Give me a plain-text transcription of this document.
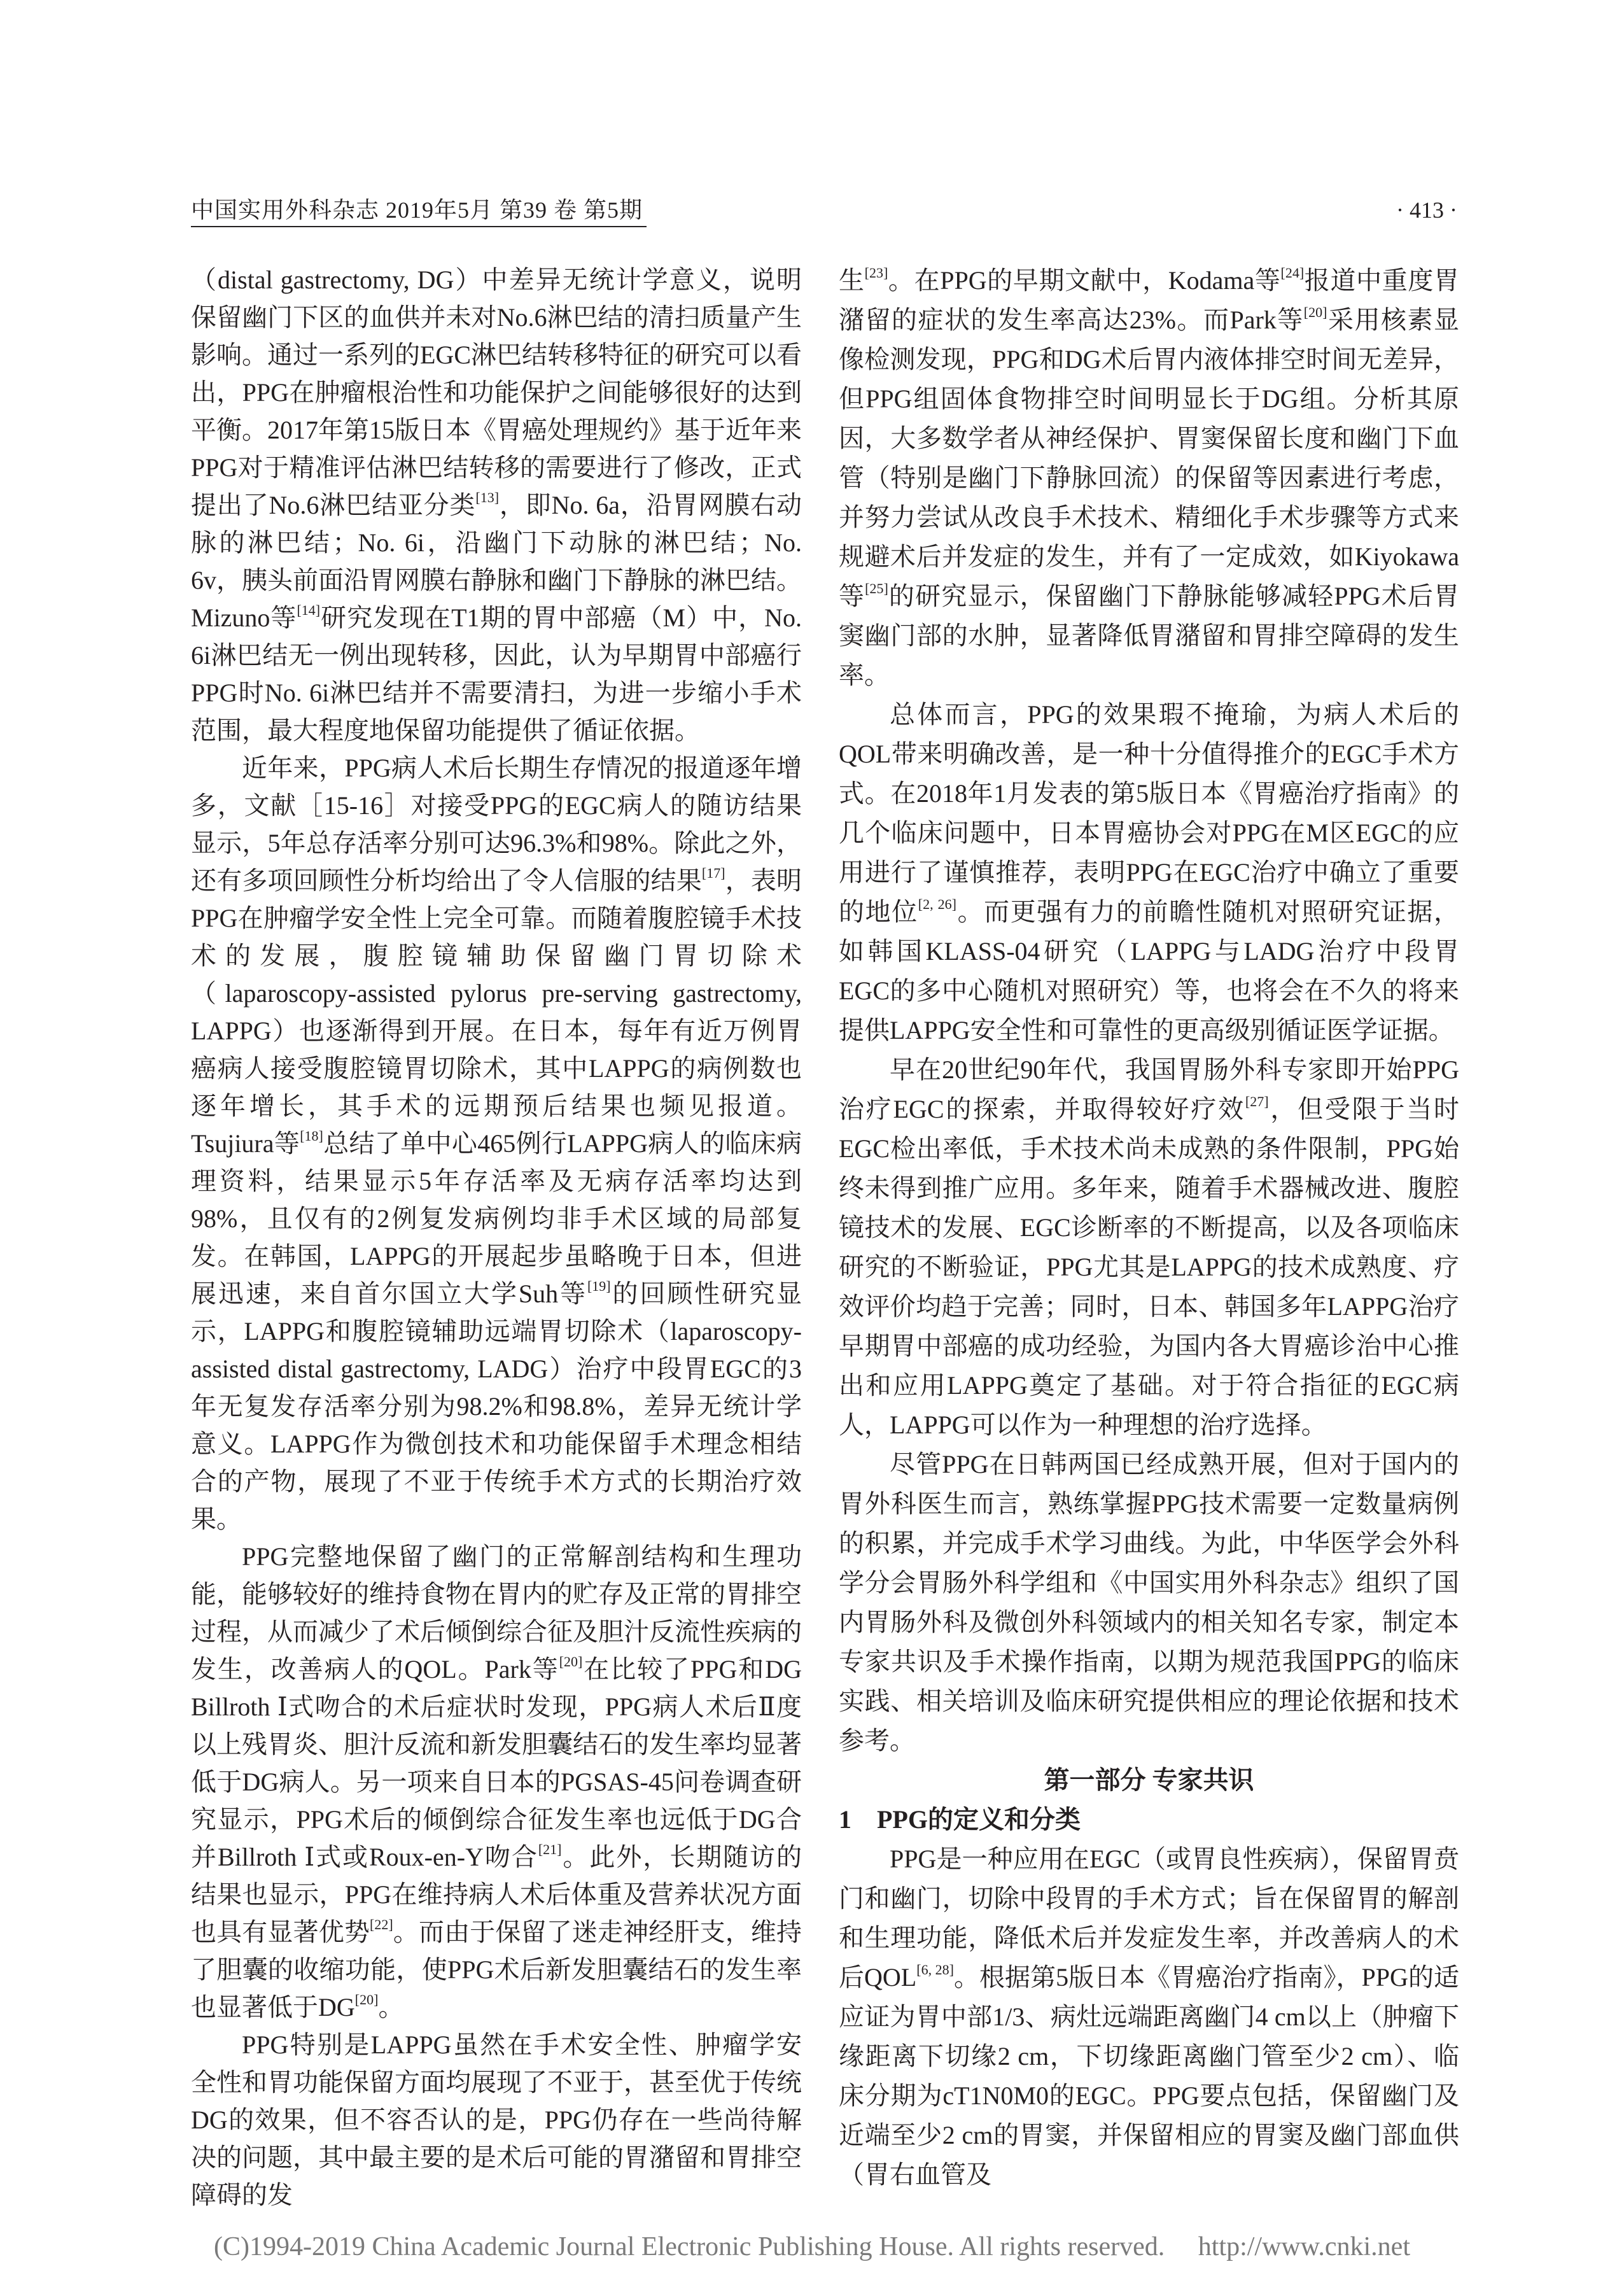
中国实用外科杂志 2019年5月 第39 卷 第5期	· 413 ·

（distal gastrectomy, DG）中差异无统计学意义，说明保留幽门下区的血供并未对No.6淋巴结的清扫质量产生影响。通过一系列的EGC淋巴结转移特征的研究可以看出，PPG在肿瘤根治性和功能保护之间能够很好的达到平衡。2017年第15版日本《胃癌处理规约》基于近年来PPG对于精准评估淋巴结转移的需要进行了修改，正式提出了No.6淋巴结亚分类[13]，即No. 6a，沿胃网膜右动脉的淋巴结；No. 6i，沿幽门下动脉的淋巴结；No. 6v，胰头前面沿胃网膜右静脉和幽门下静脉的淋巴结。Mizuno等[14]研究发现在T1期的胃中部癌（M）中，No. 6i淋巴结无一例出现转移，因此，认为早期胃中部癌行PPG时No. 6i淋巴结并不需要清扫，为进一步缩小手术范围，最大程度地保留功能提供了循证依据。

近年来，PPG病人术后长期生存情况的报道逐年增多，文献［15-16］对接受PPG的EGC病人的随访结果显示，5年总存活率分别可达96.3%和98%。除此之外，还有多项回顾性分析均给出了令人信服的结果[17]，表明PPG在肿瘤学安全性上完全可靠。而随着腹腔镜手术技术的发展，腹腔镜辅助保留幽门胃切除术（laparoscopy-assisted pylorus pre-serving gastrectomy, LAPPG）也逐渐得到开展。在日本，每年有近万例胃癌病人接受腹腔镜胃切除术，其中LAPPG的病例数也逐年增长，其手术的远期预后结果也频见报道。Tsujiura等[18]总结了单中心465例行LAPPG病人的临床病理资料，结果显示5年存活率及无病存活率均达到98%，且仅有的2例复发病例均非手术区域的局部复发。在韩国，LAPPG的开展起步虽略晚于日本，但进展迅速，来自首尔国立大学Suh等[19]的回顾性研究显示，LAPPG和腹腔镜辅助远端胃切除术（laparoscopy-assisted distal gastrectomy, LADG）治疗中段胃EGC的3年无复发存活率分别为98.2%和98.8%，差异无统计学意义。LAPPG作为微创技术和功能保留手术理念相结合的产物，展现了不亚于传统手术方式的长期治疗效果。

PPG完整地保留了幽门的正常解剖结构和生理功能，能够较好的维持食物在胃内的贮存及正常的胃排空过程，从而减少了术后倾倒综合征及胆汁反流性疾病的发生，改善病人的QOL。Park等[20]在比较了PPG和DG Billroth Ⅰ式吻合的术后症状时发现，PPG病人术后Ⅱ度以上残胃炎、胆汁反流和新发胆囊结石的发生率均显著低于DG病人。另一项来自日本的PGSAS-45问卷调查研究显示，PPG术后的倾倒综合征发生率也远低于DG合并Billroth Ⅰ式或Roux-en-Y吻合[21]。此外，长期随访的结果也显示，PPG在维持病人术后体重及营养状况方面也具有显著优势[22]。而由于保留了迷走神经肝支，维持了胆囊的收缩功能，使PPG术后新发胆囊结石的发生率也显著低于DG[20]。

PPG特别是LAPPG虽然在手术安全性、肿瘤学安全性和胃功能保留方面均展现了不亚于，甚至优于传统DG的效果，但不容否认的是，PPG仍存在一些尚待解决的问题，其中最主要的是术后可能的胃潴留和胃排空障碍的发

生[23]。在PPG的早期文献中，Kodama等[24]报道中重度胃潴留的症状的发生率高达23%。而Park等[20]采用核素显像检测发现，PPG和DG术后胃内液体排空时间无差异，但PPG组固体食物排空时间明显长于DG组。分析其原因，大多数学者从神经保护、胃窦保留长度和幽门下血管（特别是幽门下静脉回流）的保留等因素进行考虑，并努力尝试从改良手术技术、精细化手术步骤等方式来规避术后并发症的发生，并有了一定成效，如Kiyokawa等[25]的研究显示，保留幽门下静脉能够减轻PPG术后胃窦幽门部的水肿，显著降低胃潴留和胃排空障碍的发生率。

总体而言，PPG的效果瑕不掩瑜，为病人术后的QOL带来明确改善，是一种十分值得推介的EGC手术方式。在2018年1月发表的第5版日本《胃癌治疗指南》的几个临床问题中，日本胃癌协会对PPG在M区EGC的应用进行了谨慎推荐，表明PPG在EGC治疗中确立了重要的地位[2, 26]。而更强有力的前瞻性随机对照研究证据，如韩国KLASS-04研究（LAPPG与LADG治疗中段胃EGC的多中心随机对照研究）等，也将会在不久的将来提供LAPPG安全性和可靠性的更高级别循证医学证据。

早在20世纪90年代，我国胃肠外科专家即开始PPG治疗EGC的探索，并取得较好疗效[27]，但受限于当时EGC检出率低，手术技术尚未成熟的条件限制，PPG始终未得到推广应用。多年来，随着手术器械改进、腹腔镜技术的发展、EGC诊断率的不断提高，以及各项临床研究的不断验证，PPG尤其是LAPPG的技术成熟度、疗效评价均趋于完善；同时，日本、韩国多年LAPPG治疗早期胃中部癌的成功经验，为国内各大胃癌诊治中心推出和应用LAPPG奠定了基础。对于符合指征的EGC病人，LAPPG可以作为一种理想的治疗选择。

尽管PPG在日韩两国已经成熟开展，但对于国内的胃外科医生而言，熟练掌握PPG技术需要一定数量病例的积累，并完成手术学习曲线。为此，中华医学会外科学分会胃肠外科学组和《中国实用外科杂志》组织了国内胃肠外科及微创外科领域内的相关知名专家，制定本专家共识及手术操作指南，以期为规范我国PPG的临床实践、相关培训及临床研究提供相应的理论依据和技术参考。

第一部分 专家共识

1　PPG的定义和分类

PPG是一种应用在EGC（或胃良性疾病），保留胃贲门和幽门，切除中段胃的手术方式；旨在保留胃的解剖和生理功能，降低术后并发症发生率，并改善病人的术后QOL[6, 28]。根据第5版日本《胃癌治疗指南》，PPG的适应证为胃中部1/3、病灶远端距离幽门4 cm以上（肿瘤下缘距离下切缘2 cm，下切缘距离幽门管至少2 cm）、临床分期为cT1N0M0的EGC。PPG要点包括，保留幽门及近端至少2 cm的胃窦，并保留相应的胃窦及幽门部血供（胃右血管及

(C)1994-2019 China Academic Journal Electronic Publishing House. All rights reserved. http://www.cnki.net
